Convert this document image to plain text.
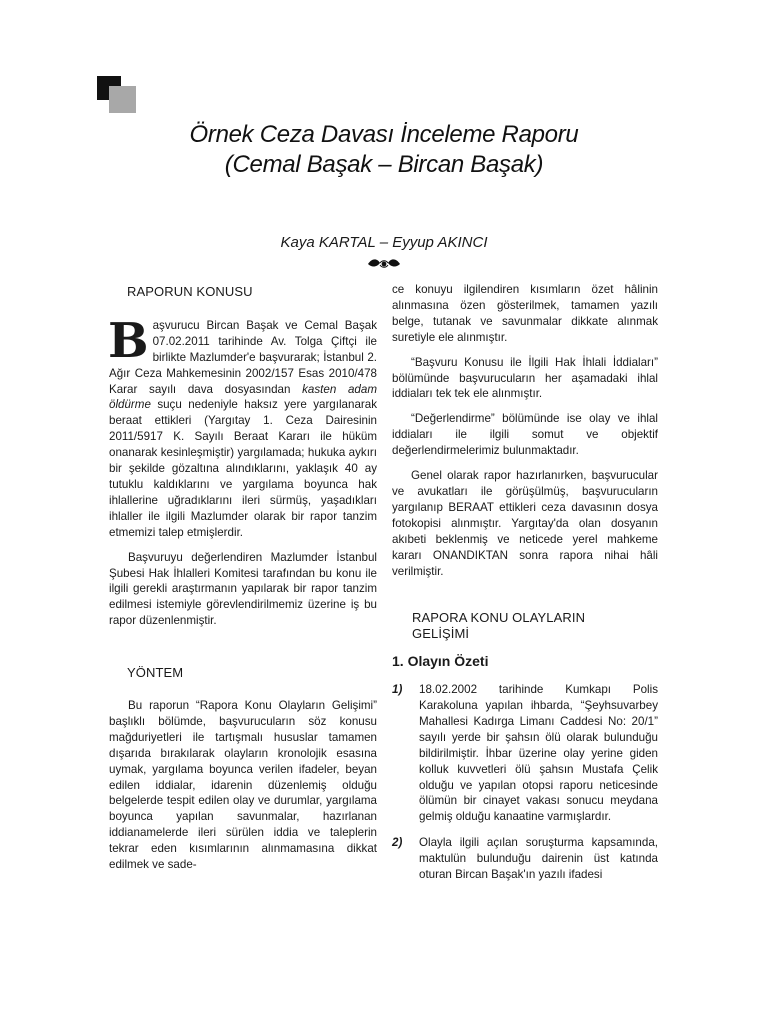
Örnek Ceza Davası İnceleme Raporu
(Cemal Başak – Bircan Başak)
Kaya KARTAL – Eyyup AKINCI
RAPORUN KONUSU

Başvurucu Bircan Başak ve Cemal Başak 07.02.2011 tarihinde Av. Tolga Çiftçi ile birlikte Mazlumder'e başvurarak; İstanbul 2. Ağır Ceza Mahkemesinin 2002/157 Esas 2010/478 Karar sayılı dava dosyasından kasten adam öldürme suçu nedeniyle haksız yere yargılanarak beraat ettikleri (Yargıtay 1. Ceza Dairesinin 2011/5917 K. Sayılı Beraat Kararı ile hüküm onanarak kesinleşmiştir) yargılamada; hukuka aykırı bir şekilde gözaltına alındıklarını, yaklaşık 40 ay tutuklu kaldıklarını ve yargılama boyunca hak ihlallerine uğradıklarını ileri sürmüş, yaşadıkları ihlaller ile ilgili Mazlumder olarak bir rapor tanzim etmemizi talep etmişlerdir.

Başvuruyu değerlendiren Mazlumder İstanbul Şubesi Hak İhlalleri Komitesi tarafından bu konu ile ilgili gerekli araştırmanın yapılarak bir rapor tanzim edilmesi istemiyle görevlendirilmemiz üzerine iş bu rapor düzenlenmiştir.

YÖNTEM

Bu raporun “Rapora Konu Olayların Gelişimi” başlıklı bölümde, başvurucuların söz konusu mağduriyetleri ile tartışmalı hususlar tamamen dışarıda bırakılarak olayların kronolojik esasına uymak, yargılama boyunca verilen ifadeler, beyan edilen iddialar, idarenin düzenlemiş olduğu belgelerde tespit edilen olay ve durumlar, yargılama boyunca yapılan savunmalar, hazırlanan iddianamelerde ileri sürülen iddia ve taleplerin tekrar eden kısımlarının alınmamasına dikkat edilmek ve sade-

ce konuyu ilgilendiren kısımların özet hâlinin alınmasına özen gösterilmek, tamamen yazılı belge, tutanak ve savunmalar dikkate alınmak suretiyle ele alınmıştır.

“Başvuru Konusu ile İlgili Hak İhlali İddiaları” bölümünde başvurucuların her aşamadaki ihlal iddiaları tek tek ele alınmıştır.

“Değerlendirme” bölümünde ise olay ve ihlal iddiaları ile ilgili somut ve objektif değerlendirmelerimiz bulunmaktadır.

Genel olarak rapor hazırlanırken, başvurucular ve avukatları ile görüşülmüş, başvurucuların yargılanıp BERAAT ettikleri ceza davasının dosya fotokopisi alınmıştır. Yargıtay'da olan dosyanın akıbeti beklenmiş ve neticede yerel mahkeme kararı ONANDIKTAN sonra rapora nihai hâli verilmiştir.

RAPORA KONU OLAYLARIN
GELİŞİMİ
1. Olayın Özeti
1) 18.02.2002 tarihinde Kumkapı Polis Karakoluna yapılan ihbarda, “Şeyhsuvarbey Mahallesi Kadırga Limanı Caddesi No: 20/1” sayılı yerde bir şahsın ölü olarak bulunduğu bildirilmiştir. İhbar üzerine olay yerine giden kolluk kuvvetleri ölü şahsın Mustafa Çelik olduğu ve yapılan otopsi raporu neticesinde ölümün bir cinayet vakası sonucu meydana gelmiş olduğu kanaatine varmışlardır.
2) Olayla ilgili açılan soruşturma kapsamında, maktulün bulunduğu dairenin üst katında oturan Bircan Başak'ın yazılı ifadesi
